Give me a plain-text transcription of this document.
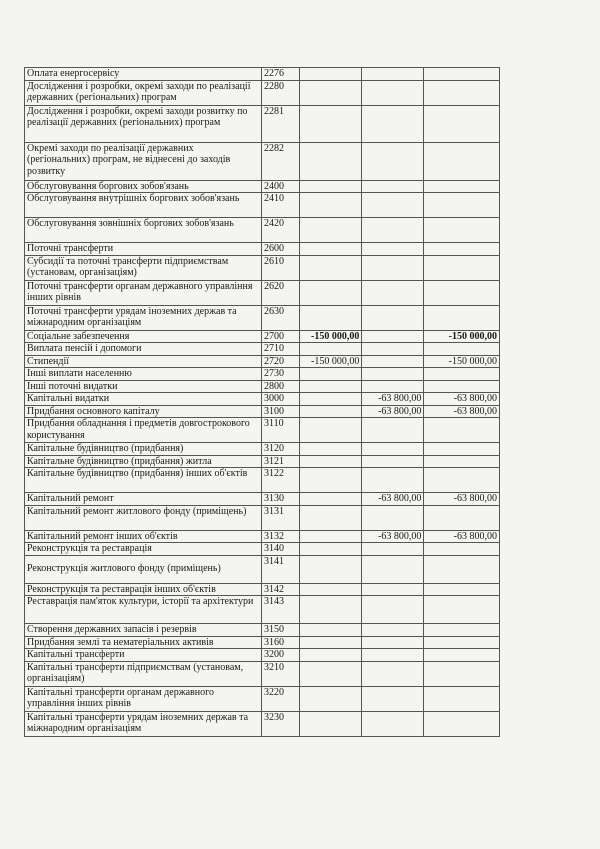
Оплата енергосервісу	2276			
Дослідження і розробки, окремі заходи по реалізації державних (регіональних) програм	2280			
Дослідження і розробки, окремі заходи розвитку по реалізації державних (регіональних) програм	2281			
Окремі заходи по реалізації державних (регіональних) програм, не віднесені до заходів розвитку	2282			
Обслуговування боргових зобов'язань	2400			
Обслуговування внутрішніх боргових зобов'язань	2410			
Обслуговування зовнішніх боргових зобов'язань	2420			
Поточні трансферти	2600			
Субсидії та поточні трансферти підприємствам (установам, організаціям)	2610			
Поточні трансферти органам державного управління інших рівнів	2620			
Поточні трансферти урядам іноземних держав та міжнародним організаціям	2630			
Соціальне забезпечення	2700	-150 000,00		-150 000,00
Виплата пенсій і допомоги	2710			
Стипендії	2720	-150 000,00		-150 000,00
Інші виплати населенню	2730			
Інші поточні видатки	2800			
Капітальні видатки	3000		-63 800,00	-63 800,00
Придбання основного капіталу	3100		-63 800,00	-63 800,00
Придбання обладнання і предметів довгострокового користування	3110			
Капітальне будівництво (придбання)	3120			
Капітальне будівництво (придбання) житла	3121			
Капітальне будівництво (придбання) інших об'єктів	3122			
Капітальний ремонт	3130		-63 800,00	-63 800,00
Капітальний ремонт житлового фонду (приміщень)	3131			
Капітальний ремонт інших об'єктів	3132		-63 800,00	-63 800,00
Реконструкція та реставрація	3140			
Реконструкція житлового фонду (приміщень)	3141			
Реконструкція та реставрація інших об'єктів	3142			
Реставрація пам'яток культури, історії та архітектури	3143			
Створення державних запасів і резервів	3150			
Придбання землі та нематеріальних активів	3160			
Капітальні трансферти	3200			
Капітальні трансферти підприємствам (установам, організаціям)	3210			
Капітальні трансферти органам державного управління інших рівнів	3220			
Капітальні трансферти урядам іноземних держав та міжнародним організаціям	3230			
